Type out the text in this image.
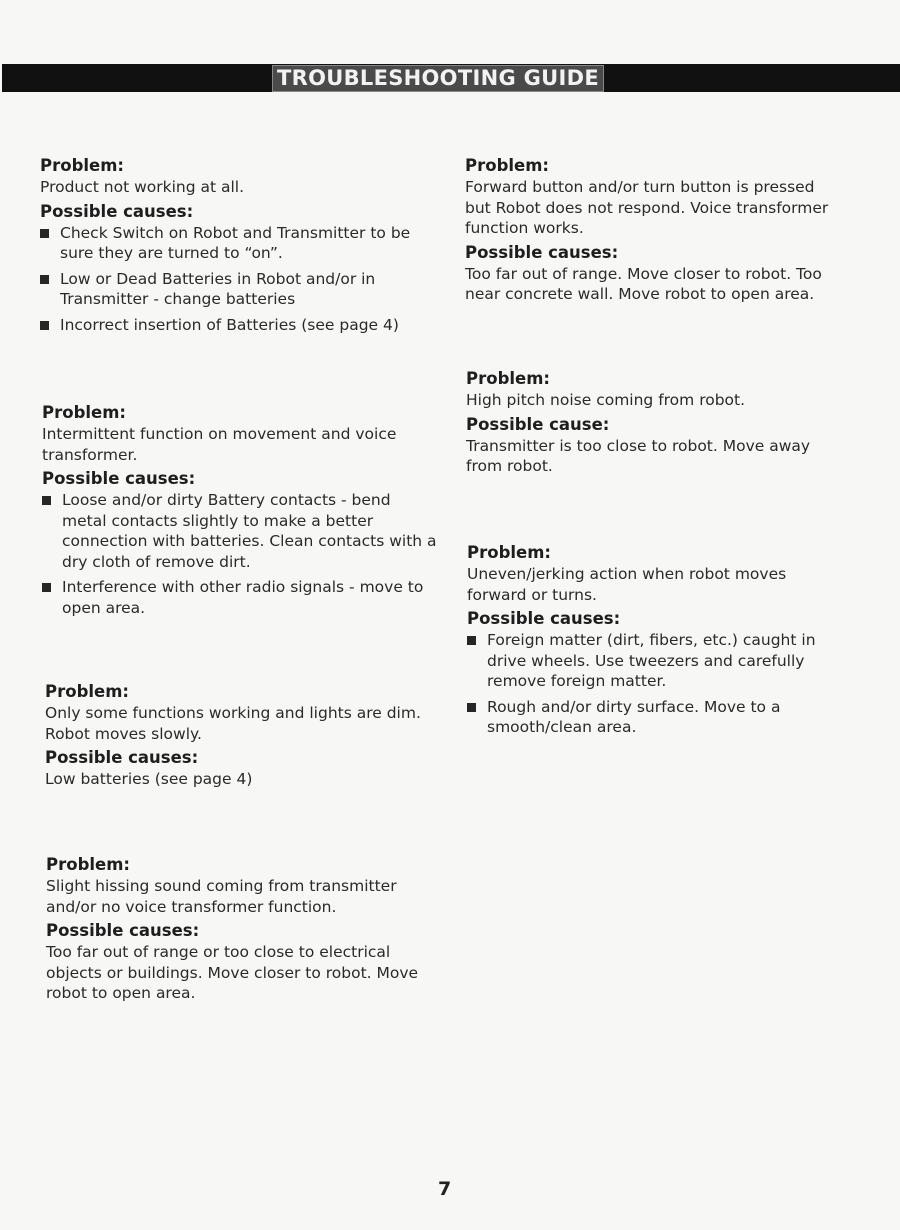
TROUBLESHOOTING GUIDE
Problem:

Product not working at all.

Possible causes:
Check Switch on Robot and Transmitter to be sure they are turned to “on”.
Low or Dead Batteries in Robot and/or in Transmitter - change batteries
Incorrect insertion of Batteries (see page 4)
Problem:

Intermittent function on movement and voice transformer.

Possible causes:
Loose and/or dirty Battery contacts - bend metal contacts slightly to make a better connection with batteries. Clean contacts with a dry cloth of remove dirt.
Interference with other radio signals - move to open area.
Problem:

Only some functions working and lights are dim. Robot moves slowly.

Possible causes:

Low batteries (see page 4)

Problem:

Slight hissing sound coming from transmitter and/or no voice transformer function.

Possible causes:

Too far out of range or too close to electrical objects or buildings. Move closer to robot. Move robot to open area.

Problem:

Forward button and/or turn button is pressed but Robot does not respond. Voice transformer function works.

Possible causes:

Too far out of range. Move closer to robot. Too near concrete wall. Move robot to open area.

Problem:

High pitch noise coming from robot.

Possible cause:

Transmitter is too close to robot. Move away from robot.

Problem:

Uneven/jerking action when robot moves forward or turns.

Possible causes:
Foreign matter (dirt, fibers, etc.) caught in drive wheels. Use tweezers and carefully remove foreign matter.
Rough and/or dirty surface. Move to a smooth/clean area.
7
